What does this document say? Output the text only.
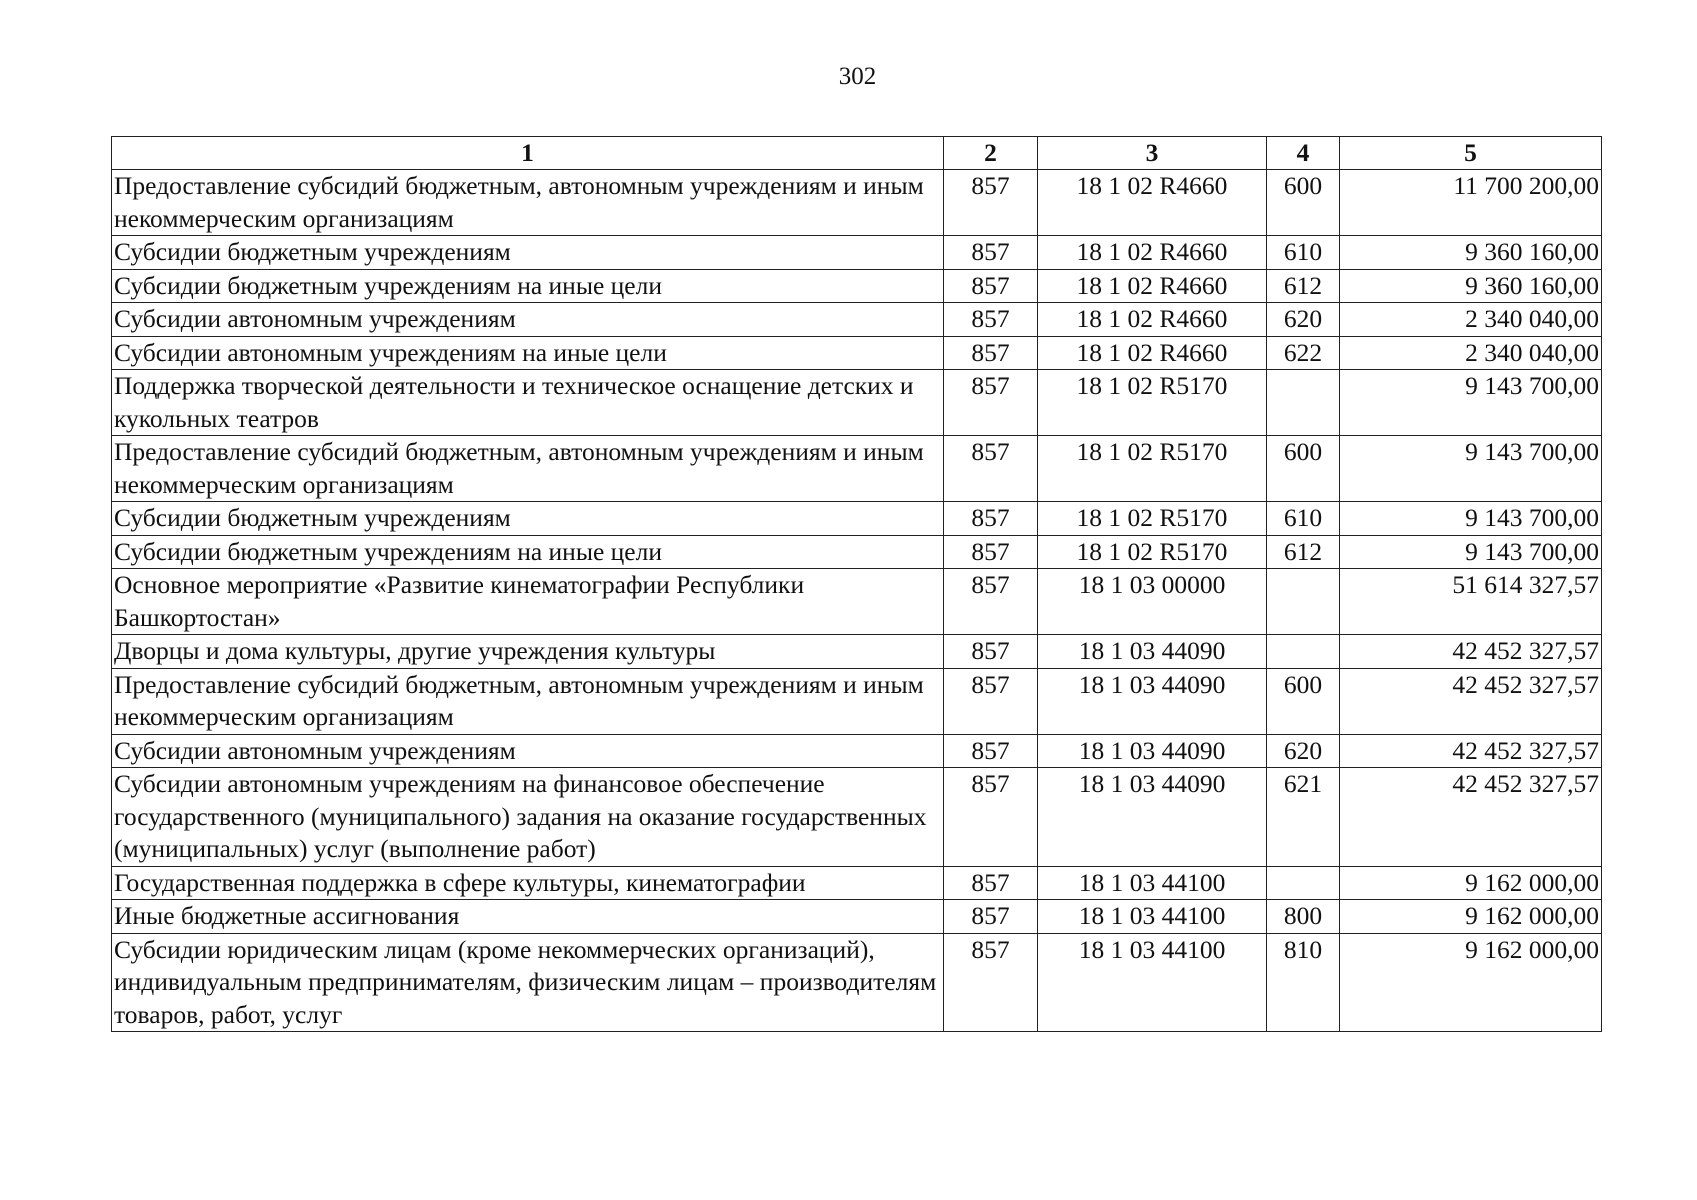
302
1	2	3	4	5
Предоставление субсидий бюджетным, автономным учреждениям и иным некоммерческим организациям	857	18 1 02 R4660	600	11 700 200,00
Субсидии бюджетным учреждениям	857	18 1 02 R4660	610	9 360 160,00
Субсидии бюджетным учреждениям на иные цели	857	18 1 02 R4660	612	9 360 160,00
Субсидии автономным учреждениям	857	18 1 02 R4660	620	2 340 040,00
Субсидии автономным учреждениям на иные цели	857	18 1 02 R4660	622	2 340 040,00
Поддержка творческой деятельности и техническое оснащение детских и кукольных театров	857	18 1 02 R5170		9 143 700,00
Предоставление субсидий бюджетным, автономным учреждениям и иным некоммерческим организациям	857	18 1 02 R5170	600	9 143 700,00
Субсидии бюджетным учреждениям	857	18 1 02 R5170	610	9 143 700,00
Субсидии бюджетным учреждениям на иные цели	857	18 1 02 R5170	612	9 143 700,00
Основное мероприятие «Развитие кинематографии Республики Башкортостан»	857	18 1 03 00000		51 614 327,57
Дворцы и дома культуры, другие учреждения культуры	857	18 1 03 44090		42 452 327,57
Предоставление субсидий бюджетным, автономным учреждениям и иным некоммерческим организациям	857	18 1 03 44090	600	42 452 327,57
Субсидии автономным учреждениям	857	18 1 03 44090	620	42 452 327,57
Субсидии автономным учреждениям на финансовое обеспечение государственного (муниципального) задания на оказание государственных (муниципальных) услуг (выполнение работ)	857	18 1 03 44090	621	42 452 327,57
Государственная поддержка в сфере культуры, кинематографии	857	18 1 03 44100		9 162 000,00
Иные бюджетные ассигнования	857	18 1 03 44100	800	9 162 000,00
Субсидии юридическим лицам (кроме некоммерческих организаций), индивидуальным предпринимателям, физическим лицам – производителям товаров, работ, услуг	857	18 1 03 44100	810	9 162 000,00
